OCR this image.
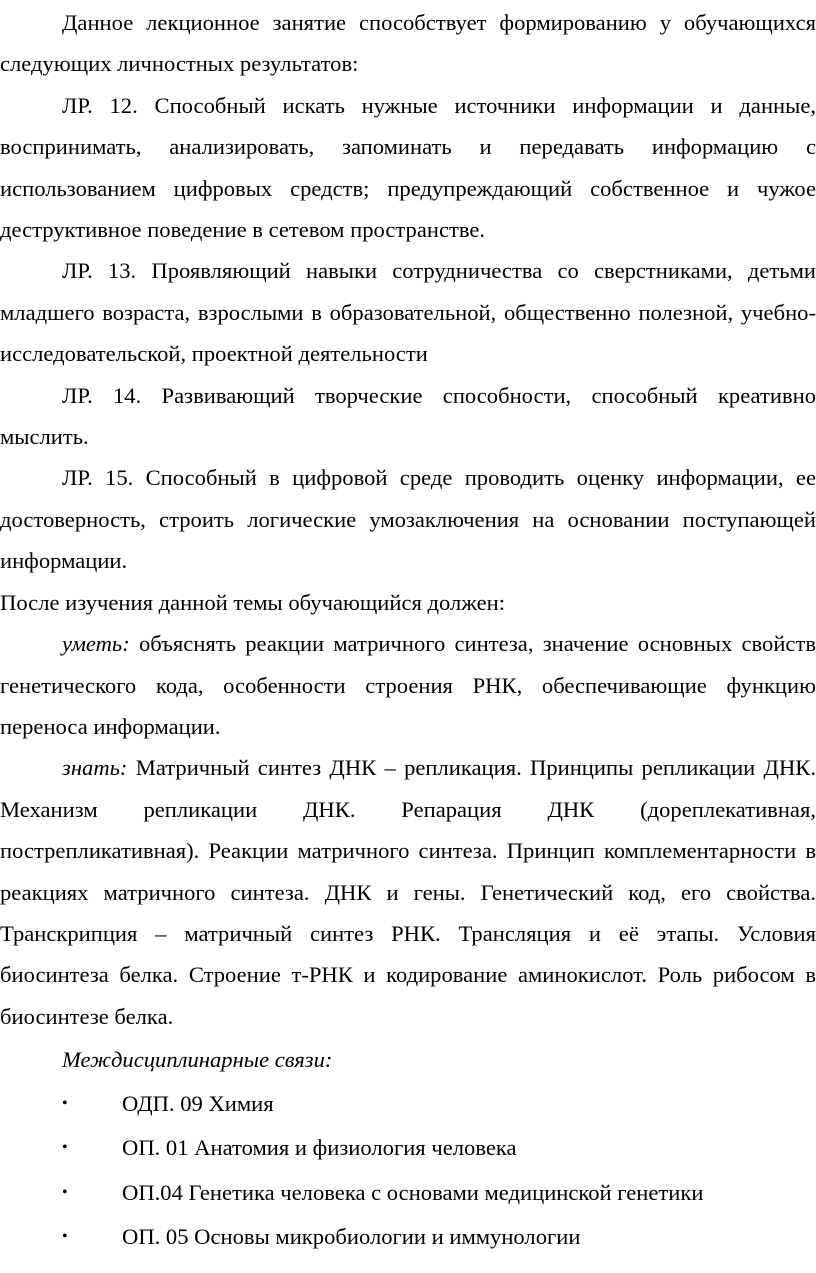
Данное лекционное занятие способствует формированию у обучающихся следующих личностных результатов:

ЛР. 12. Способный искать нужные источники информации и данные, воспринимать, анализировать, запоминать и передавать информацию с использованием цифровых средств; предупреждающий собственное и чужое деструктивное поведение в сетевом пространстве.

ЛР. 13. Проявляющий навыки сотрудничества со сверстниками, детьми младшего возраста, взрослыми в образовательной, общественно полезной, учебно-исследовательской, проектной деятельности

ЛР. 14. Развивающий творческие способности, способный креативно мыслить.

ЛР. 15. Способный в цифровой среде проводить оценку информации, ее достоверность, строить логические умозаключения на основании поступающей информации.

После изучения данной темы обучающийся должен:

уметь: объяснять реакции матричного синтеза, значение основных свойств генетического кода, особенности строения РНК, обеспечивающие функцию переноса информации.

знать: Матричный синтез ДНК – репликация. Принципы репликации ДНК. Механизм репликации ДНК. Репарация ДНК (дореплекативная, пострепликативная). Реакции матричного синтеза. Принцип комплементарности в реакциях матричного синтеза. ДНК и гены. Генетический код, его свойства. Транскрипция – матричный синтез РНК. Трансляция и её этапы. Условия биосинтеза белка. Строение т-РНК и кодирование аминокислот. Роль рибосом в биосинтезе белка.

Междисциплинарные связи:

• ОДП. 09 Химия
• ОП. 01 Анатомия и физиология человека
• ОП.04 Генетика человека с основами медицинской генетики
• ОП. 05 Основы микробиологии и иммунологии
